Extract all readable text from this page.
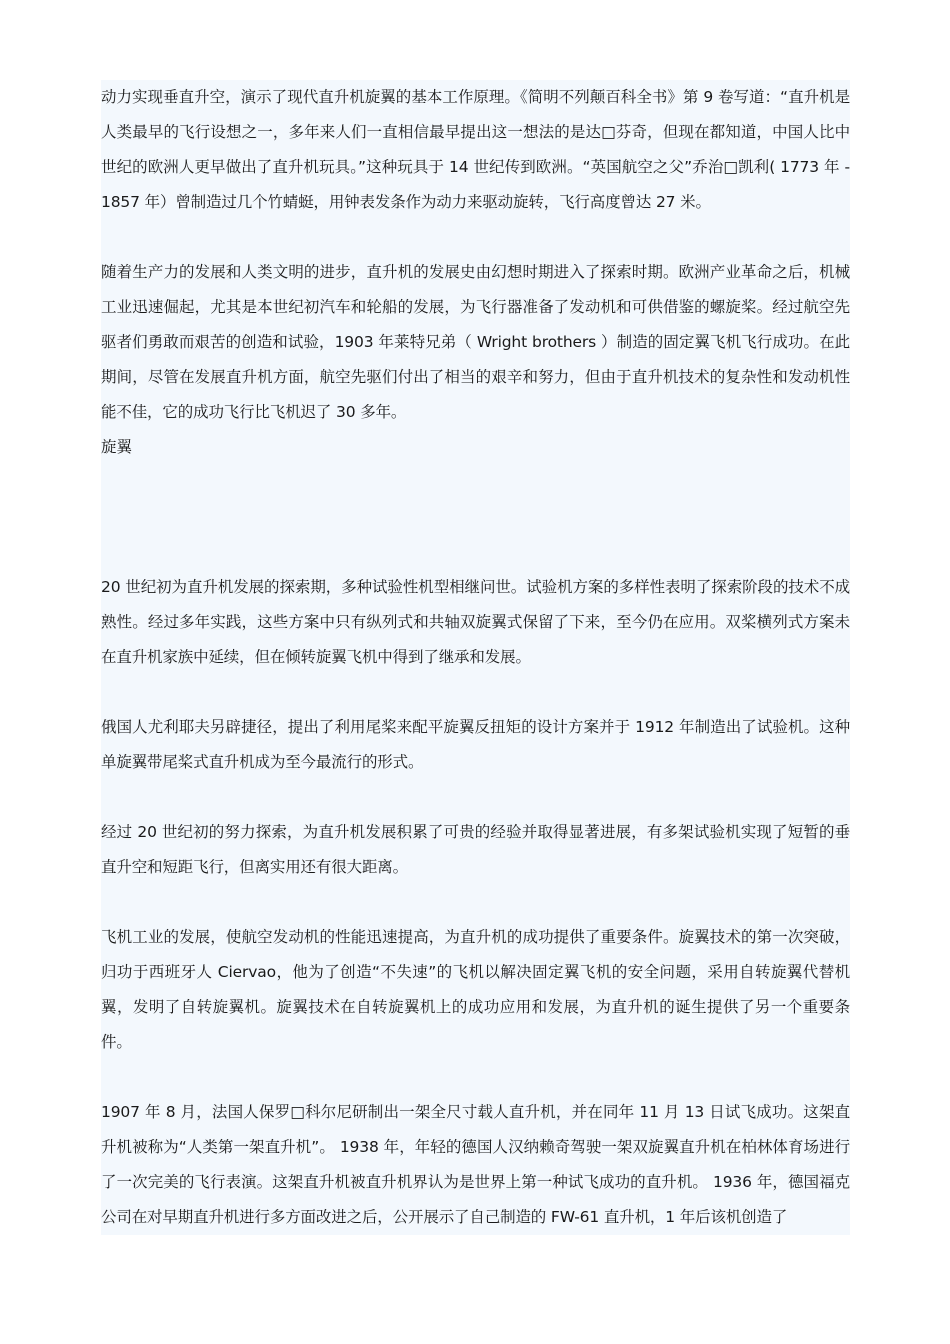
动力实现垂直升空，演示了现代直升机旋翼的基本工作原理。《简明不列颠百科全书》第 9 卷写道：“直升机是人类最早的飞行设想之一，多年来人们一直相信最早提出这一想法的是达□芬奇，但现在都知道，中国人比中世纪的欧洲人更早做出了直升机玩具。”这种玩具于 14 世纪传到欧洲。“英国航空之父”乔治□凯利( 1773 年 - 1857 年）曾制造过几个竹蜻蜓，用钟表发条作为动力来驱动旋转，飞行高度曾达 27 米。

随着生产力的发展和人类文明的进步，直升机的发展史由幻想时期进入了探索时期。欧洲产业革命之后，机械工业迅速倔起，尤其是本世纪初汽车和轮船的发展，为飞行器准备了发动机和可供借鉴的螺旋桨。经过航空先驱者们勇敢而艰苦的创造和试验，1903 年莱特兄弟（ Wright brothers ）制造的固定翼飞机飞行成功。在此期间，尽管在发展直升机方面，航空先驱们付出了相当的艰辛和努力，但由于直升机技术的复杂性和发动机性能不佳，它的成功飞行比飞机迟了 30 多年。

旋翼

20 世纪初为直升机发展的探索期，多种试验性机型相继问世。试验机方案的多样性表明了探索阶段的技术不成熟性。经过多年实践，这些方案中只有纵列式和共轴双旋翼式保留了下来，至今仍在应用。双桨横列式方案未在直升机家族中延续，但在倾转旋翼飞机中得到了继承和发展。

俄国人尤利耶夫另辟捷径，提出了利用尾桨来配平旋翼反扭矩的设计方案并于 1912 年制造出了试验机。这种单旋翼带尾桨式直升机成为至今最流行的形式。

经过 20 世纪初的努力探索，为直升机发展积累了可贵的经验并取得显著进展，有多架试验机实现了短暂的垂直升空和短距飞行，但离实用还有很大距离。

飞机工业的发展，使航空发动机的性能迅速提高，为直升机的成功提供了重要条件。旋翼技术的第一次突破，归功于西班牙人 Ciervao，他为了创造“不失速”的飞机以解决固定翼飞机的安全问题，采用自转旋翼代替机翼，发明了自转旋翼机。旋翼技术在自转旋翼机上的成功应用和发展，为直升机的诞生提供了另一个重要条件。

1907 年 8 月，法国人保罗□科尔尼研制出一架全尺寸载人直升机，并在同年 11 月 13 日试飞成功。这架直升机被称为“人类第一架直升机”。 1938 年，年轻的德国人汉纳赖奇驾驶一架双旋翼直升机在柏林体育场进行了一次完美的飞行表演。这架直升机被直升机界认为是世界上第一种试飞成功的直升机。 1936 年，德国福克公司在对早期直升机进行多方面改进之后，公开展示了自己制造的 FW-61 直升机，1 年后该机创造了
